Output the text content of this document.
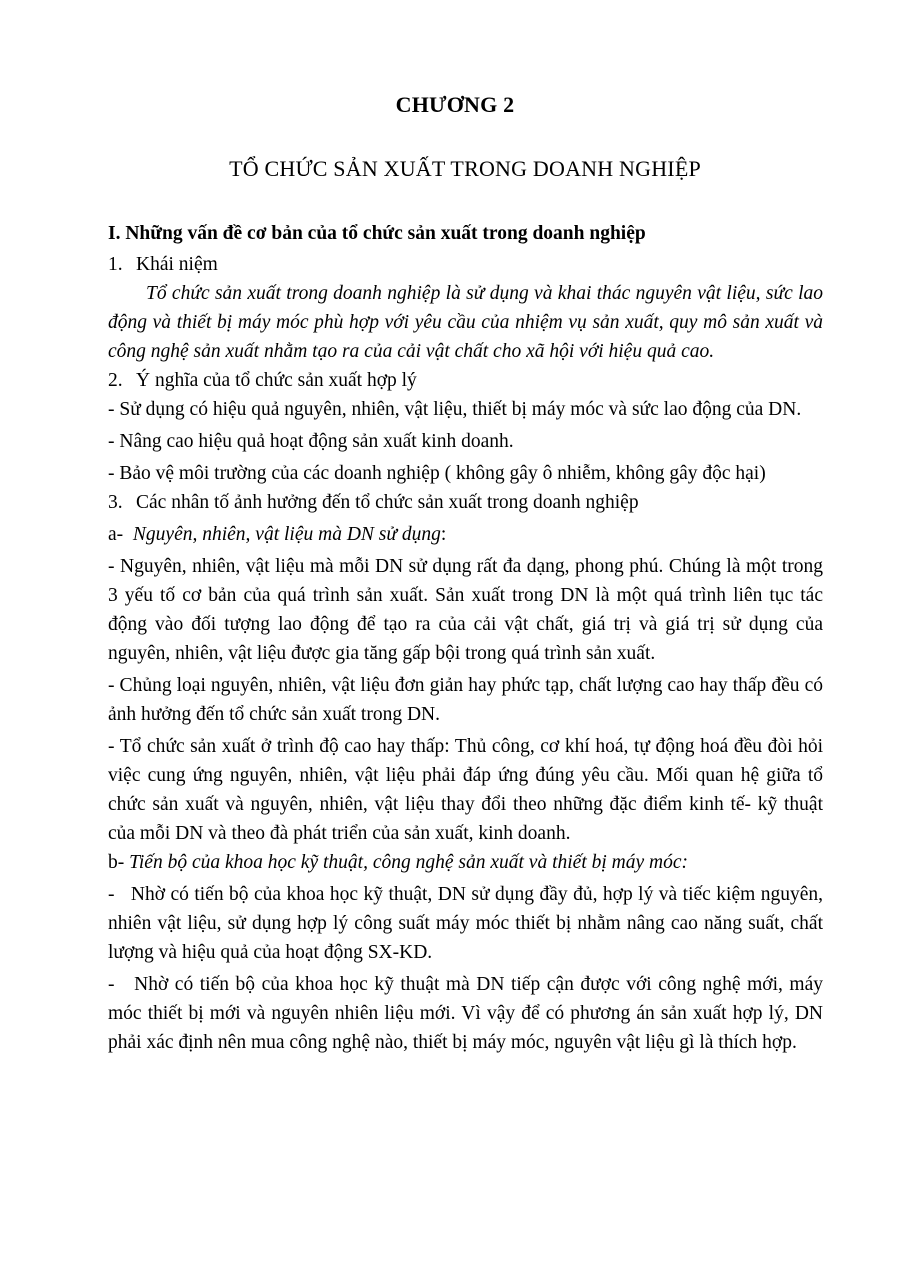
CHƯƠNG 2
TỔ CHỨC SẢN XUẤT TRONG DOANH NGHIỆP

I. Những vấn đề cơ bản của tổ chức sản xuất trong doanh nghiệp

1. Khái niệm

Tổ chức sản xuất trong doanh nghiệp là sử dụng và khai thác nguyên vật liệu, sức lao động và thiết bị máy móc phù hợp với yêu cầu của nhiệm vụ sản xuất, quy mô sản xuất và công nghệ sản xuất nhằm tạo ra của cải vật chất cho xã hội với hiệu quả cao.

2. Ý nghĩa của tổ chức sản xuất hợp lý

- Sử dụng có hiệu quả nguyên, nhiên, vật liệu, thiết bị máy móc và sức lao động của DN.

- Nâng cao hiệu quả hoạt động sản xuất kinh doanh.

- Bảo vệ môi trường của các doanh nghiệp ( không gây ô nhiễm, không gây độc hại)

3. Các nhân tố ảnh hưởng đến tổ chức sản xuất trong doanh nghiệp

a-  Nguyên, nhiên, vật liệu mà DN sử dụng:

- Nguyên, nhiên, vật liệu mà mỗi DN sử dụng rất đa dạng, phong phú. Chúng là một trong 3 yếu tố cơ bản của quá trình sản xuất. Sản xuất trong DN là một quá trình liên tục tác động vào đối tượng lao động để tạo ra của cải vật chất, giá trị và giá trị sử dụng của nguyên, nhiên, vật liệu được gia tăng gấp bội trong quá trình sản xuất.

- Chủng loại nguyên, nhiên, vật liệu đơn giản hay phức tạp, chất lượng cao hay thấp đều có ảnh hưởng đến tổ chức sản xuất trong DN.

- Tổ chức sản xuất ở trình độ cao hay thấp: Thủ công, cơ khí hoá, tự động hoá đều đòi hỏi việc cung ứng nguyên, nhiên, vật liệu phải đáp ứng đúng yêu cầu. Mối quan hệ giữa tổ chức sản xuất và nguyên, nhiên, vật liệu thay đổi theo những đặc điểm kinh tế- kỹ thuật của mỗi DN và theo đà phát triển của sản xuất, kinh doanh.

b- Tiến bộ của khoa học kỹ thuật, công nghệ sản xuất và thiết bị máy móc:

-   Nhờ có tiến bộ của khoa học kỹ thuật, DN sử dụng đầy đủ, hợp lý và tiếc kiệm nguyên, nhiên vật liệu, sử dụng hợp lý công suất máy móc thiết bị nhằm nâng cao năng suất, chất lượng và hiệu quả của hoạt động SX-KD.

-   Nhờ có tiến bộ của khoa học kỹ thuật mà DN tiếp cận được với công nghệ mới, máy móc thiết bị mới và nguyên nhiên liệu mới. Vì vậy để có phương án sản xuất hợp lý, DN phải xác định nên mua công nghệ nào, thiết bị máy móc, nguyên vật liệu gì là thích hợp.
